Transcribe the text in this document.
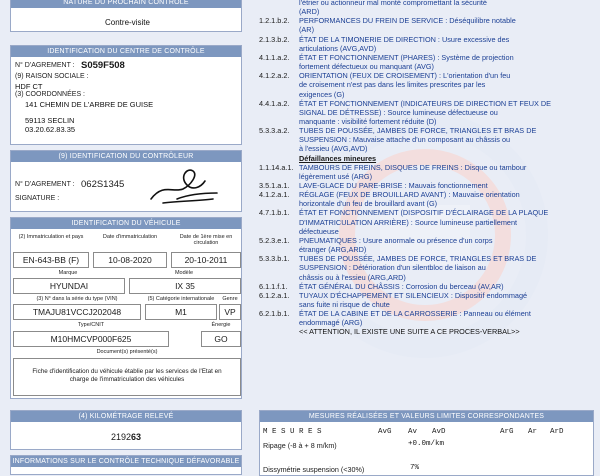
NATURE DU PROCHAIN CONTRÔLE
Contre-visite
IDENTIFICATION DU CENTRE DE CONTRÔLE
N° D'AGREMENT : S059F508
(9) RAISON SOCIALE :
HDF CT
(3) COORDONNÉES :
141 CHEMIN DE L'ARBRE DE GUISE
59113 SECLIN
03.20.62.83.35
(9) IDENTIFICATION DU CONTRÔLEUR
N° D'AGREMENT : 062S1345
SIGNATURE :
IDENTIFICATION DU VÉHICULE
(2) Immatriculation et pays	Date d'immatriculation	Date de 1ère mise en circulation
EN-643-BB (F)	10-08-2020	20-10-2011
Marque	Modèle
HYUNDAI	IX 35
(3) N° dans la série du type (VIN)	(5) Catégorie internationale	Genre
TMAJU81VCCJ202048	M1	VP
Type/CNIT	Énergie
M10HMCVP000F625	GO
Document(s) présenté(s)
Fiche d'identification du véhicule établie par les services de l'Etat en
charge de l'immatriculation des véhicules
(4) KILOMÉTRAGE RELEVÉ
219263
INFORMATIONS SUR LE CONTRÔLE TECHNIQUE DÉFAVORABLE
l'étrier ou actionneur mal monté compromettant la sécurité
(ARD)
1.2.1.b.2. PERFORMANCES DU FREIN DE SERVICE : Déséquilibre notable
(AR)
2.1.3.b.2. ÉTAT DE LA TIMONERIE DE DIRECTION : Usure excessive des
articulations (AVG,AVD)
4.1.1.a.2. ÉTAT ET FONCTIONNEMENT (PHARES) : Système de projection
fortement défectueux ou manquant (AVG)
4.1.2.a.2. ORIENTATION (FEUX DE CROISEMENT) : L'orientation d'un feu
de croisement n'est pas dans les limites prescrites par les
exigences (G)
4.4.1.a.2. ÉTAT ET FONCTIONNEMENT (INDICATEURS DE DIRECTION ET FEUX DE
SIGNAL DE DÉTRESSE) : Source lumineuse défectueuse ou
manquante : visibilité fortement réduite (D)
5.3.3.a.2. TUBES DE POUSSÉE, JAMBES DE FORCE, TRIANGLES ET BRAS DE
SUSPENSION : Mauvaise attache d'un composant au châssis ou
à l'essieu (AVG,AVD)
Défaillances mineures
1.1.14.a.1. TAMBOURS DE FREINS, DISQUES DE FREINS : Disque ou tambour
légèrement usé (ARG)
3.5.1.a.1. LAVE-GLACE DU PARE-BRISE : Mauvais fonctionnement
4.1.2.a.1. RÉGLAGE (FEUX DE BROUILLARD AVANT) : Mauvaise orientation
horizontale d'un feu de brouillard avant (G)
4.7.1.b.1. ÉTAT ET FONCTIONNEMENT (DISPOSITIF D'ÉCLAIRAGE DE LA PLAQUE
D'IMMATRICULATION ARRIÈRE) : Source lumineuse partiellement
défectueuse
5.2.3.e.1. PNEUMATIQUES : Usure anormale ou présence d'un corps
étranger (ARG,ARD)
5.3.3.b.1. TUBES DE POUSSÉE, JAMBES DE FORCE, TRIANGLES ET BRAS DE
SUSPENSION : Détérioration d'un silentbloc de liaison au
châssis ou à l'essieu (ARG,ARD)
6.1.1.f.1. ÉTAT GÉNÉRAL DU CHÂSSIS : Corrosion du berceau (AV,AR)
6.1.2.a.1. TUYAUX D'ÉCHAPPEMENT ET SILENCIEUX : Dispositif endommagé
sans fuite ni risque de chute
6.2.1.b.1. ÉTAT DE LA CABINE ET DE LA CARROSSERIE : Panneau ou élément
endommagé (ARG)
<< ATTENTION, IL EXISTE UNE SUITE A CE PROCES-VERBAL>>
MESURES RÉALISÉES ET VALEURS LIMITES CORRESPONDANTES
M E S U R E S	AvG Av AvD	ArG Ar ArD
Ripage (-8 à + 8 m/km)	+0.0m/km
Dissymétrie suspension (<30%)	7%
